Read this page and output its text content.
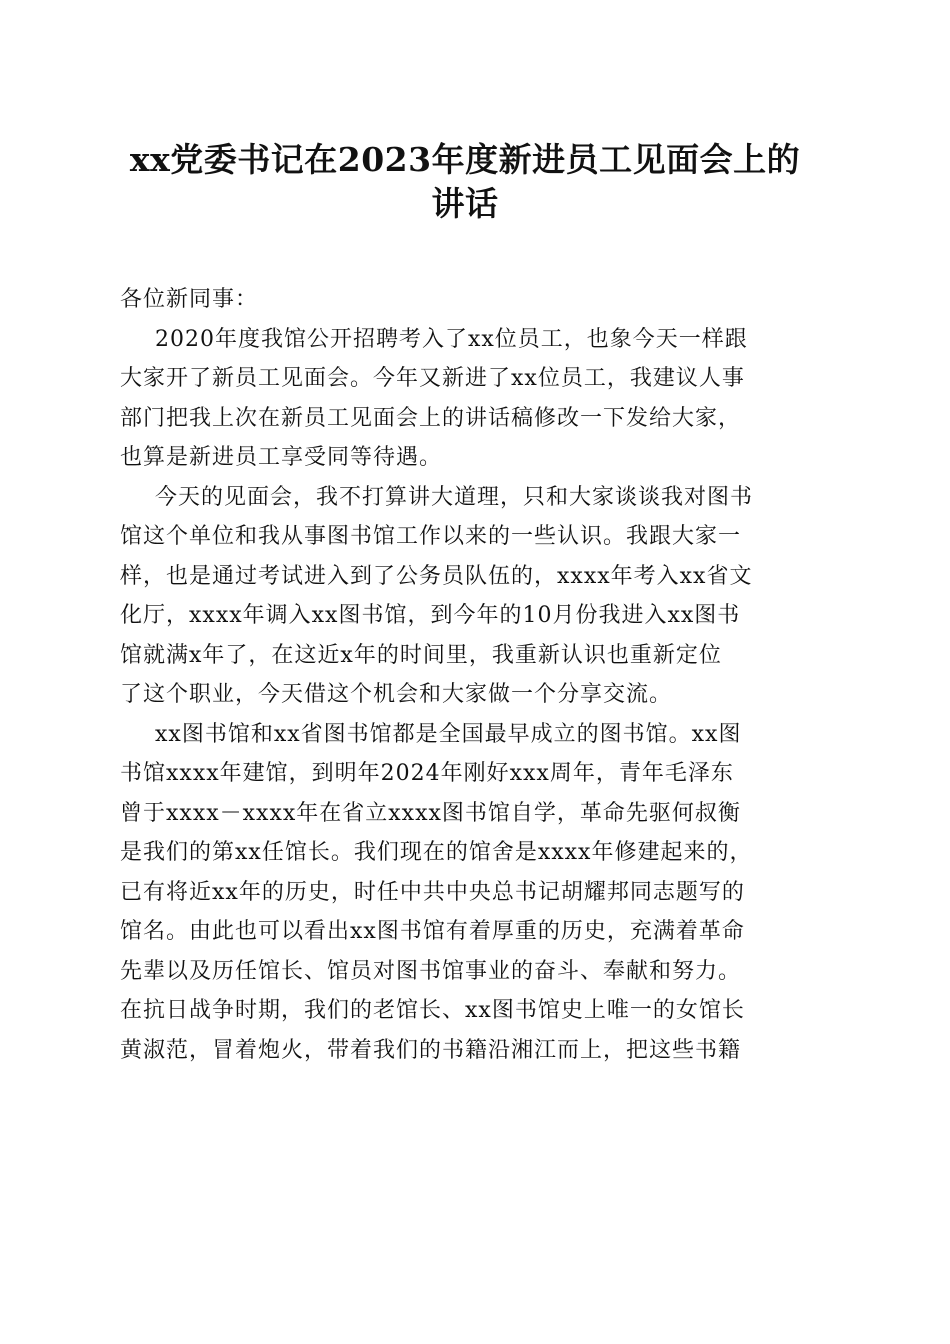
xx党委书记在2023年度新进员工见面会上的
讲话
各位新同事：
2020年度我馆公开招聘考入了xx位员工，也象今天一样跟
大家开了新员工见面会。今年又新进了xx位员工，我建议人事
部门把我上次在新员工见面会上的讲话稿修改一下发给大家，
也算是新进员工享受同等待遇。
今天的见面会，我不打算讲大道理，只和大家谈谈我对图书
馆这个单位和我从事图书馆工作以来的一些认识。我跟大家一
样，也是通过考试进入到了公务员队伍的，xxxx年考入xx省文
化厅，xxxx年调入xx图书馆，到今年的10月份我进入xx图书
馆就满x年了，在这近x年的时间里，我重新认识也重新定位
了这个职业，今天借这个机会和大家做一个分享交流。
xx图书馆和xx省图书馆都是全国最早成立的图书馆。xx图
书馆xxxx年建馆，到明年2024年刚好xxx周年，青年毛泽东
曾于xxxx－xxxx年在省立xxxx图书馆自学，革命先驱何叔衡
是我们的第xx任馆长。我们现在的馆舍是xxxx年修建起来的，
已有将近xx年的历史，时任中共中央总书记胡耀邦同志题写的
馆名。由此也可以看出xx图书馆有着厚重的历史，充满着革命
先辈以及历任馆长、馆员对图书馆事业的奋斗、奉献和努力。
在抗日战争时期，我们的老馆长、xx图书馆史上唯一的女馆长
黄淑范，冒着炮火，带着我们的书籍沿湘江而上，把这些书籍
